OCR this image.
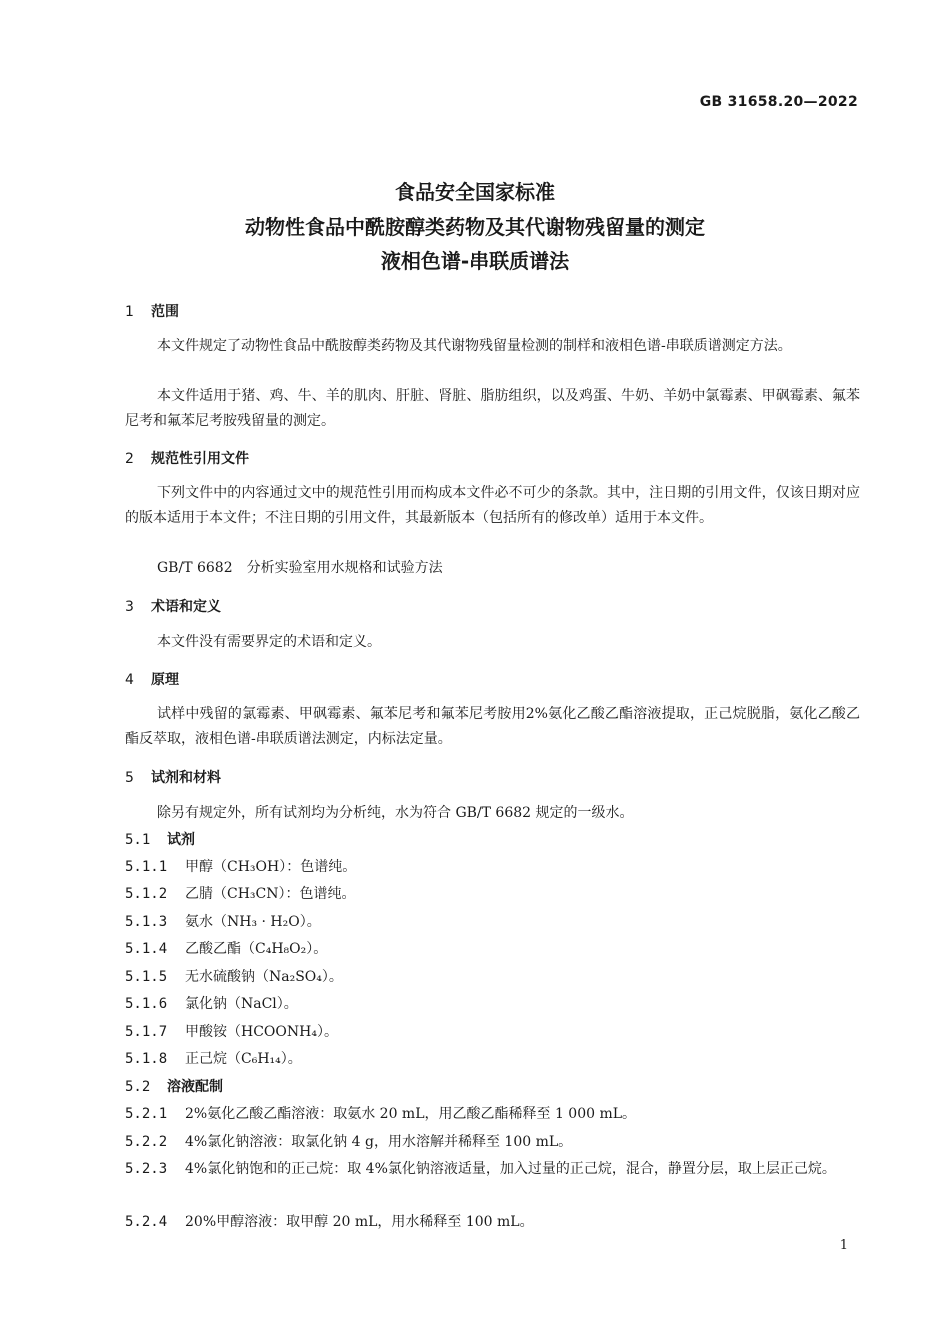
GB 31658.20—2022
食品安全国家标准
动物性食品中酰胺醇类药物及其代谢物残留量的测定
液相色谱-串联质谱法
1 范围
本文件规定了动物性食品中酰胺醇类药物及其代谢物残留量检测的制样和液相色谱-串联质谱测定方法。
本文件适用于猪、鸡、牛、羊的肌肉、肝脏、肾脏、脂肪组织，以及鸡蛋、牛奶、羊奶中氯霉素、甲砜霉素、氟苯尼考和氟苯尼考胺残留量的测定。
2 规范性引用文件
下列文件中的内容通过文中的规范性引用而构成本文件必不可少的条款。其中，注日期的引用文件，仅该日期对应的版本适用于本文件；不注日期的引用文件，其最新版本（包括所有的修改单）适用于本文件。
GB/T 6682　分析实验室用水规格和试验方法
3 术语和定义
本文件没有需要界定的术语和定义。
4 原理
试样中残留的氯霉素、甲砜霉素、氟苯尼考和氟苯尼考胺用2%氨化乙酸乙酯溶液提取，正己烷脱脂，氨化乙酸乙酯反萃取，液相色谱-串联质谱法测定，内标法定量。
5 试剂和材料
除另有规定外，所有试剂均为分析纯，水为符合 GB/T 6682 规定的一级水。
5.1 试剂
5.1.1 甲醇（CH₃OH）：色谱纯。
5.1.2 乙腈（CH₃CN）：色谱纯。
5.1.3 氨水（NH₃ · H₂O）。
5.1.4 乙酸乙酯（C₄H₈O₂）。
5.1.5 无水硫酸钠（Na₂SO₄）。
5.1.6 氯化钠（NaCl）。
5.1.7 甲酸铵（HCOONH₄）。
5.1.8 正己烷（C₆H₁₄）。
5.2 溶液配制
5.2.1 2%氨化乙酸乙酯溶液：取氨水 20 mL，用乙酸乙酯稀释至 1 000 mL。
5.2.2 4%氯化钠溶液：取氯化钠 4 g，用水溶解并稀释至 100 mL。
5.2.3 4%氯化钠饱和的正己烷：取 4%氯化钠溶液适量，加入过量的正己烷，混合，静置分层，取上层正己烷。
5.2.4 20%甲醇溶液：取甲醇 20 mL，用水稀释至 100 mL。
1
